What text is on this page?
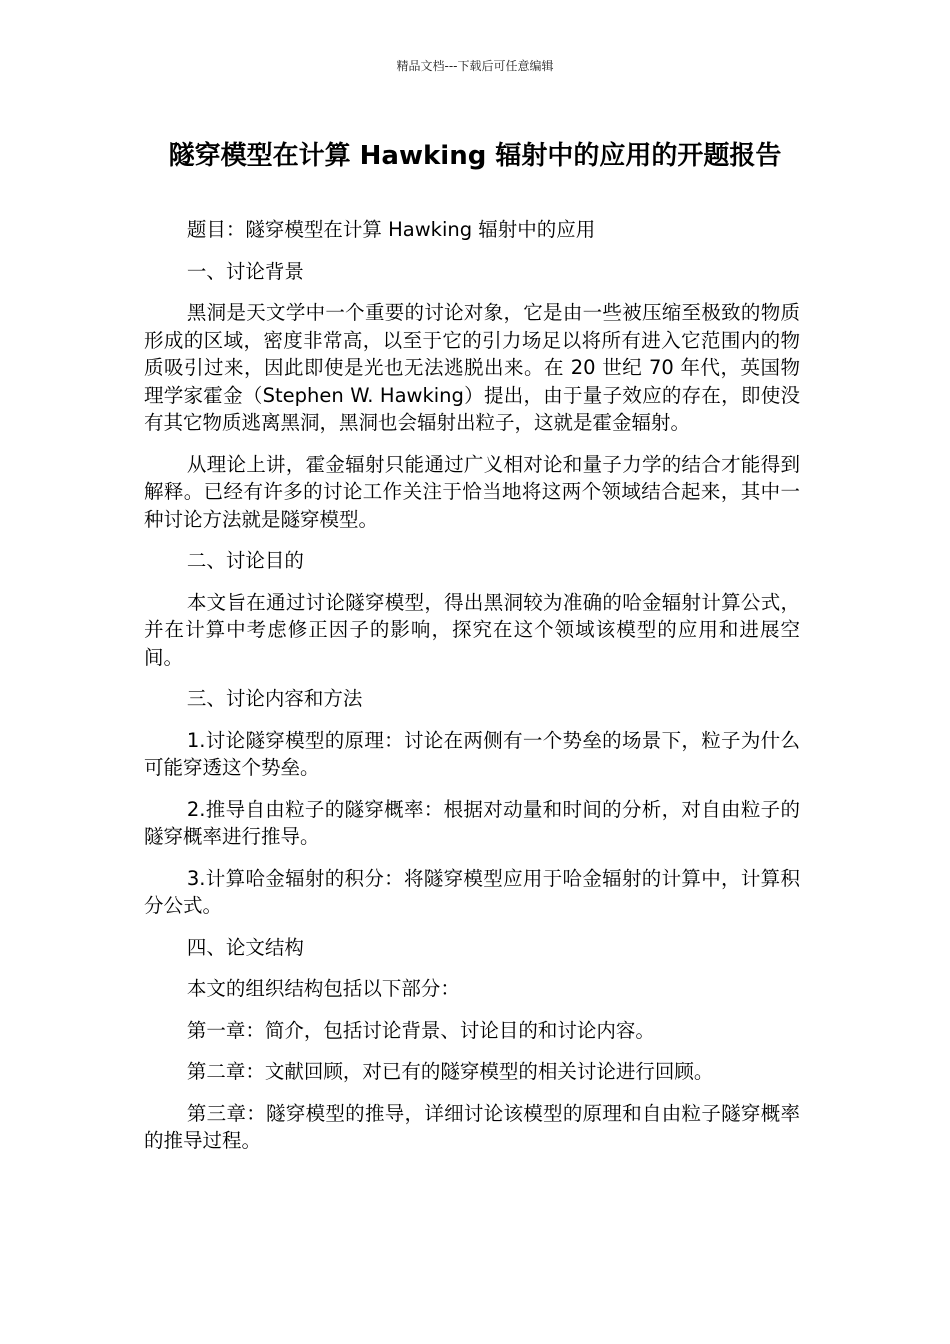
精品文档---下载后可任意编辑
隧穿模型在计算 Hawking 辐射中的应用的开题报告

题目：隧穿模型在计算 Hawking 辐射中的应用

一、讨论背景

黑洞是天文学中一个重要的讨论对象，它是由一些被压缩至极致的物质形成的区域，密度非常高，以至于它的引力场足以将所有进入它范围内的物质吸引过来，因此即使是光也无法逃脱出来。在 20 世纪 70 年代，英国物理学家霍金（Stephen W. Hawking）提出，由于量子效应的存在，即使没有其它物质逃离黑洞，黑洞也会辐射出粒子，这就是霍金辐射。

从理论上讲，霍金辐射只能通过广义相对论和量子力学的结合才能得到解释。已经有许多的讨论工作关注于恰当地将这两个领域结合起来，其中一种讨论方法就是隧穿模型。

二、讨论目的

本文旨在通过讨论隧穿模型，得出黑洞较为准确的哈金辐射计算公式，并在计算中考虑修正因子的影响，探究在这个领域该模型的应用和进展空间。

三、讨论内容和方法

1.讨论隧穿模型的原理：讨论在两侧有一个势垒的场景下，粒子为什么可能穿透这个势垒。

2.推导自由粒子的隧穿概率：根据对动量和时间的分析，对自由粒子的隧穿概率进行推导。

3.计算哈金辐射的积分：将隧穿模型应用于哈金辐射的计算中，计算积分公式。

四、论文结构

本文的组织结构包括以下部分：

第一章：简介，包括讨论背景、讨论目的和讨论内容。

第二章：文献回顾，对已有的隧穿模型的相关讨论进行回顾。

第三章：隧穿模型的推导，详细讨论该模型的原理和自由粒子隧穿概率的推导过程。
